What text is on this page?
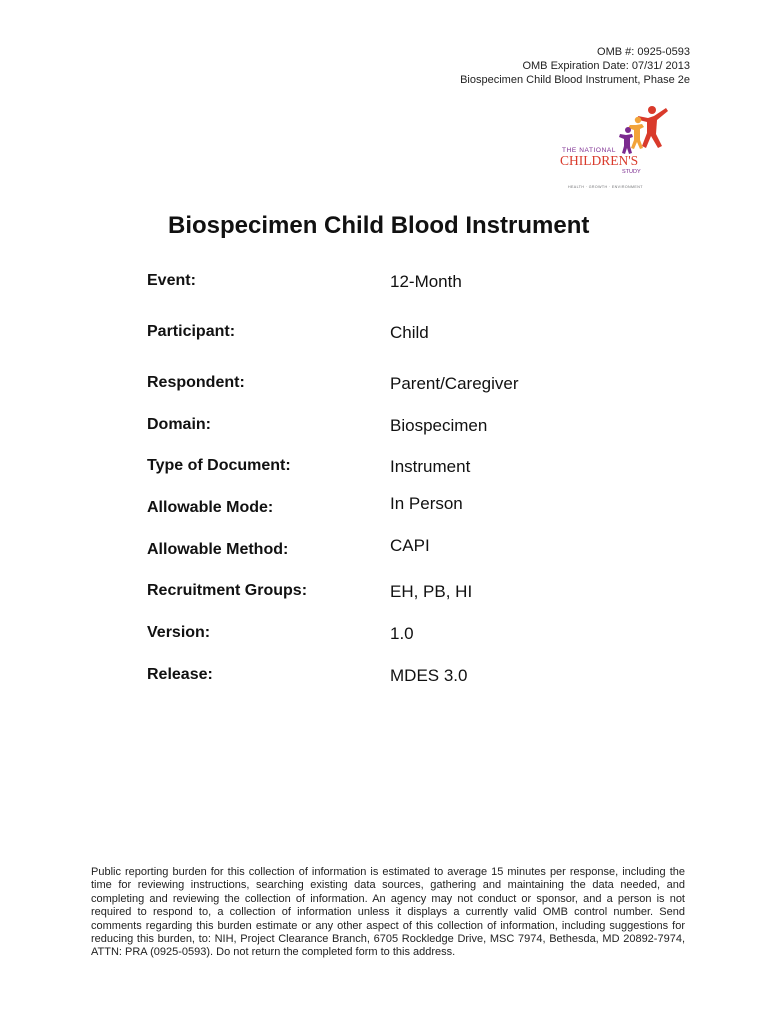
OMB #: 0925-0593
OMB Expiration Date: 07/31/ 2013
Biospecimen Child Blood Instrument, Phase 2e
THE NATIONAL
CHILDREN'S
STUDY
HEALTH · GROWTH · ENVIRONMENT
Biospecimen Child Blood Instrument
Event:	12-Month
Participant:	Child
Respondent:	Parent/Caregiver
Domain:	Biospecimen
Type of Document:	Instrument
Allowable Mode:	In Person
Allowable Method:	CAPI
Recruitment Groups:	EH, PB, HI
Version:	1.0
Release:	MDES 3.0

Public reporting burden for this collection of information is estimated to average 15 minutes per response, including the time for reviewing instructions, searching existing data sources, gathering and maintaining the data needed, and completing and reviewing the collection of information. An agency may not conduct or sponsor, and a person is not required to respond to, a collection of information unless it displays a currently valid OMB control number. Send comments regarding this burden estimate or any other aspect of this collection of information, including suggestions for reducing this burden, to: NIH, Project Clearance Branch, 6705 Rockledge Drive, MSC 7974, Bethesda, MD 20892-7974, ATTN: PRA (0925-0593). Do not return the completed form to this address.
